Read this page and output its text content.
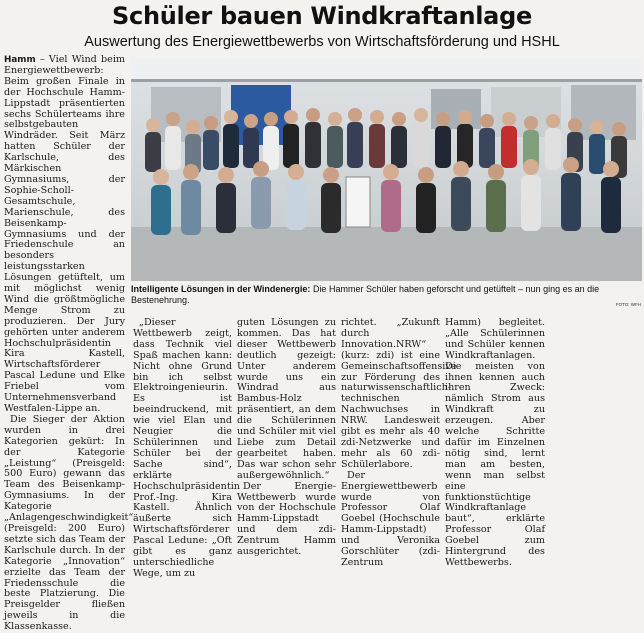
Schüler bauen Windkraftanlage
Auswertung des Energiewettbewerbs von Wirtschaftsförderung und HSHL

Hamm – Viel Wind beim Energiewettbewerb: Beim großen Finale in der Hochschule Hamm-Lippstadt präsentierten sechs Schülerteams ihre selbstgebauten Windräder. Seit März hatten Schüler der Karlschule, des Märkischen Gymnasiums, der Sophie-Scholl-Gesamtschule, Marienschule, des Beisenkamp-Gymnasiums und der Friedenschule an besonders leistungsstarken Lösungen getüftelt, um mit möglichst wenig Wind die größtmögliche Menge Strom zu produzieren. Der Jury gehörten unter anderem Hochschulpräsidentin Kira Kastell, Wirtschaftsförderer Pascal Ledune und Elke Friebel vom Unternehmensverband Westfalen-Lippe an.

Die Sieger der Aktion wurden in drei Kategorien gekürt: In der Kategorie „Leistung“ (Preisgeld: 500 Euro) gewann das Team des Beisenkamp-Gymnasiums. In der Kategorie „Anlagengeschwindigkeit“ (Preisgeld: 200 Euro) setzte sich das Team der Karlschule durch. In der Kategorie „Innovation“ erzielte das Team der Friedensschule die beste Platzierung. Die Preisgelder fließen jeweils in die Klassenkasse.

Intelligente Lösungen in der Windenergie: Die Hammer Schüler haben geforscht und getüftelt – nun ging es an die Bestenehrung.	FOTO: WFH

„Dieser Wettbewerb zeigt, dass Technik viel Spaß machen kann: Nicht ohne Grund bin ich selbst Elektroingenieurin. Es ist beeindruckend, mit wie viel Elan und Neugier die Schülerinnen und Schüler bei der Sache sind“, erklärte Hochschulpräsidentin Prof.-Ing. Kira Kastell. Ähnlich äußerte sich Wirtschaftsförderer Pascal Ledune: „Oft gibt es ganz unterschiedliche Wege, um zu

guten Lösungen zu kommen. Das hat dieser Wettbewerb deutlich gezeigt: Unter anderem wurde uns ein Windrad aus Bambus-Holz präsentiert, an dem die Schülerinnen und Schüler mit viel Liebe zum Detail gearbeitet haben. Das war schon sehr außergewöhnlich.“

Der Energie-Wettbewerb wurde von der Hochschule Hamm-Lippstadt und dem zdi-Zentrum Hamm ausgerichtet.

richtet. „Zukunft durch Innovation.NRW“ (kurz: zdi) ist eine Gemeinschaftsoffensive zur Förderung des naturwissenschaftlich-technischen Nachwuchses in NRW. Landesweit gibt es mehr als 40 zdi-Netzwerke und mehr als 60 zdi-Schülerlabore.

Der Energiewettbewerb wurde von Professor Olaf Goebel (Hochschule Hamm-Lippstadt) und Veronika Gorschlüter (zdi-Zentrum

Hamm) begleitet. „Alle Schülerinnen und Schüler kennen Windkraftanlagen. Die meisten von ihnen kennen auch ihren Zweck: nämlich Strom aus Windkraft zu erzeugen. Aber welche Schritte dafür im Einzelnen nötig sind, lernt man am besten, wenn man selbst eine funktionstüchtige Windkraftanlage baut“, erklärte Professor Olaf Goebel zum Hintergrund des Wettbewerbs.
